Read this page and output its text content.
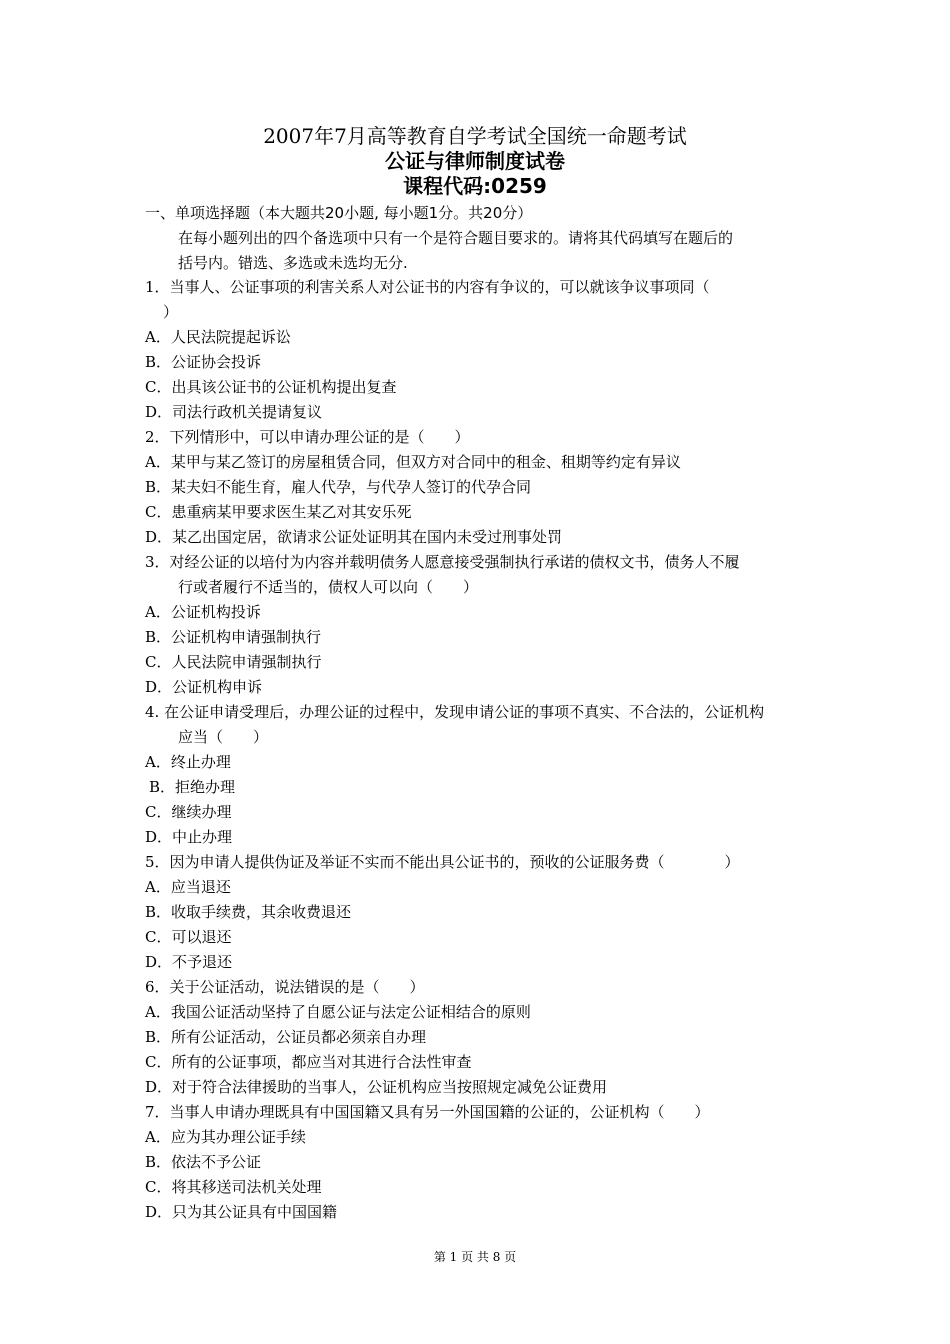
2007年7月高等教育自学考试全国统一命题考试
公证与律师制度试卷
课程代码:0259
一、单项选择题（本大题共20小题, 每小题1分。共20分）
在每小题列出的四个备选项中只有一个是符合题目要求的。请将其代码填写在题后的
括号内。错选、多选或未选均无分.
1．当事人、公证事项的利害关系人对公证书的内容有争议的，可以就该争议事项同（
）
A．人民法院提起诉讼
B．公证协会投诉
C．出具该公证书的公证机构提出复查
D．司法行政机关提请复议
2．下列情形中，可以申请办理公证的是（　　）
A．某甲与某乙签订的房屋租赁合同，但双方对合同中的租金、租期等约定有异议
B．某夫妇不能生育，雇人代孕，与代孕人签订的代孕合同
C．患重病某甲要求医生某乙对其安乐死
D．某乙出国定居，欲请求公证处证明其在国内未受过刑事处罚
3．对经公证的以培付为内容并载明债务人愿意接受强制执行承诺的债权文书，债务人不履
行或者履行不适当的，债权人可以向（　　）
A．公证机构投诉
B．公证机构申请强制执行
C．人民法院申请强制执行
D．公证机构申诉
4. 在公证申请受理后，办理公证的过程中，发现申请公证的事项不真实、不合法的，公证机构
应当（　　）
A．终止办理
B．拒绝办理
C．继续办理
D．中止办理
5．因为申请人提供伪证及举证不实而不能出具公证书的，预收的公证服务费（　　　　）
A．应当退还
B．收取手续费，其余收费退还
C．可以退还
D．不予退还
6．关于公证活动，说法错误的是（　　）
A．我国公证活动坚持了自愿公证与法定公证相结合的原则
B．所有公证活动，公证员都必须亲自办理
C．所有的公证事项，都应当对其进行合法性审查
D．对于符合法律援助的当事人，公证机构应当按照规定减免公证费用
7．当事人申请办理既具有中国国籍又具有另一外国国籍的公证的，公证机构（　　）
A．应为其办理公证手续
B．依法不予公证
C．将其移送司法机关处理
D．只为其公证具有中国国籍
第 1 页 共 8 页
